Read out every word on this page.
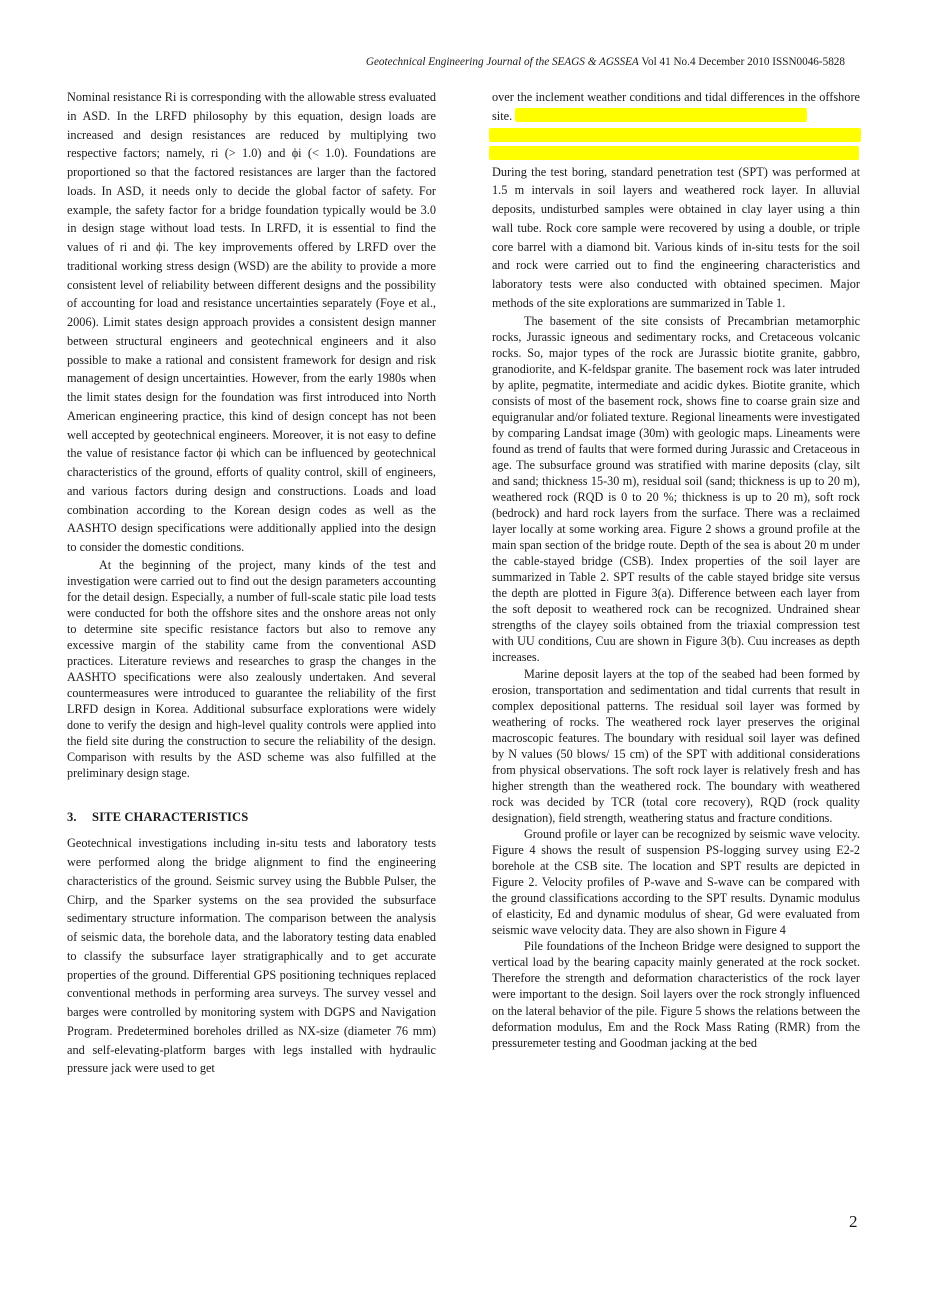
Geotechnical Engineering Journal of the SEAGS & AGSSEA Vol 41 No.4 December 2010 ISSN0046-5828

Nominal resistance Ri is corresponding with the allowable stress evaluated in ASD. In the LRFD philosophy by this equation, design loads are increased and design resistances are reduced by multiplying two respective factors; namely, ri (> 1.0) and ϕi (< 1.0). Foundations are proportioned so that the factored resistances are larger than the factored loads. In ASD, it needs only to decide the global factor of safety. For example, the safety factor for a bridge foundation typically would be 3.0 in design stage without load tests. In LRFD, it is essential to find the values of ri and ϕi. The key improvements offered by LRFD over the traditional working stress design (WSD) are the ability to provide a more consistent level of reliability between different designs and the possibility of accounting for load and resistance uncertainties separately (Foye et al., 2006). Limit states design approach provides a consistent design manner between structural engineers and geotechnical engineers and it also possible to make a rational and consistent framework for design and risk management of design uncertainties. However, from the early 1980s when the limit states design for the foundation was first introduced into North American engineering practice, this kind of design concept has not been well accepted by geotechnical engineers. Moreover, it is not easy to define the value of resistance factor ϕi which can be influenced by geotechnical characteristics of the ground, efforts of quality control, skill of engineers, and various factors during design and constructions. Loads and load combination according to the Korean design codes as well as the AASHTO design specifications were additionally applied into the design to consider the domestic conditions.

At the beginning of the project, many kinds of the test and investigation were carried out to find out the design parameters accounting for the detail design. Especially, a number of full-scale static pile load tests were conducted for both the offshore sites and the onshore areas not only to determine site specific resistance factors but also to remove any excessive margin of the stability came from the conventional ASD practices. Literature reviews and researches to grasp the changes in the AASHTO specifications were also zealously undertaken. And several countermeasures were introduced to guarantee the reliability of the first LRFD design in Korea. Additional subsurface explorations were widely done to verify the design and high-level quality controls were applied into the field site during the construction to secure the reliability of the design. Comparison with results by the ASD scheme was also fulfilled at the preliminary design stage.

3. SITE CHARACTERISTICS

Geotechnical investigations including in-situ tests and laboratory tests were performed along the bridge alignment to find the engineering characteristics of the ground. Seismic survey using the Bubble Pulser, the Chirp, and the Sparker systems on the sea provided the subsurface sedimentary structure information. The comparison between the analysis of seismic data, the borehole data, and the laboratory testing data enabled to classify the subsurface layer stratigraphically and to get accurate properties of the ground. Differential GPS positioning techniques replaced conventional methods in performing area surveys. The survey vessel and barges were controlled by monitoring system with DGPS and Navigation Program. Predetermined boreholes drilled as NX-size (diameter 76 mm) and self-elevating-platform barges with legs installed with hydraulic pressure jack were used to get

over the inclement weather conditions and tidal differences in the offshore site.

During the test boring, standard penetration test (SPT) was performed at 1.5 m intervals in soil layers and weathered rock layer. In alluvial deposits, undisturbed samples were obtained in clay layer using a thin wall tube. Rock core sample were recovered by using a double, or triple core barrel with a diamond bit. Various kinds of in-situ tests for the soil and rock were carried out to find the engineering characteristics and laboratory tests were also conducted with obtained specimen. Major methods of the site explorations are summarized in Table 1.

The basement of the site consists of Precambrian metamorphic rocks, Jurassic igneous and sedimentary rocks, and Cretaceous volcanic rocks. So, major types of the rock are Jurassic biotite granite, gabbro, granodiorite, and K-feldspar granite. The basement rock was later intruded by aplite, pegmatite, intermediate and acidic dykes. Biotite granite, which consists of most of the basement rock, shows fine to coarse grain size and equigranular and/or foliated texture. Regional lineaments were investigated by comparing Landsat image (30m) with geologic maps. Lineaments were found as trend of faults that were formed during Jurassic and Cretaceous in age. The subsurface ground was stratified with marine deposits (clay, silt and sand; thickness 15-30 m), residual soil (sand; thickness is up to 20 m), weathered rock (RQD is 0 to 20 %; thickness is up to 20 m), soft rock (bedrock) and hard rock layers from the surface. There was a reclaimed layer locally at some working area. Figure 2 shows a ground profile at the main span section of the bridge route. Depth of the sea is about 20 m under the cable-stayed bridge (CSB). Index properties of the soil layer are summarized in Table 2. SPT results of the cable stayed bridge site versus the depth are plotted in Figure 3(a). Difference between each layer from the soft deposit to weathered rock can be recognized. Undrained shear strengths of the clayey soils obtained from the triaxial compression test with UU conditions, Cuu are shown in Figure 3(b). Cuu increases as depth increases.

Marine deposit layers at the top of the seabed had been formed by erosion, transportation and sedimentation and tidal currents that result in complex depositional patterns. The residual soil layer was formed by weathering of rocks. The weathered rock layer preserves the original macroscopic features. The boundary with residual soil layer was defined by N values (50 blows/ 15 cm) of the SPT with additional considerations from physical observations. The soft rock layer is relatively fresh and has higher strength than the weathered rock. The boundary with weathered rock was decided by TCR (total core recovery), RQD (rock quality designation), field strength, weathering status and fracture conditions.

Ground profile or layer can be recognized by seismic wave velocity. Figure 4 shows the result of suspension PS-logging survey using E2-2 borehole at the CSB site. The location and SPT results are depicted in Figure 2. Velocity profiles of P-wave and S-wave can be compared with the ground classifications according to the SPT results. Dynamic modulus of elasticity, Ed and dynamic modulus of shear, Gd were evaluated from seismic wave velocity data. They are also shown in Figure 4

Pile foundations of the Incheon Bridge were designed to support the vertical load by the bearing capacity mainly generated at the rock socket. Therefore the strength and deformation characteristics of the rock layer were important to the design. Soil layers over the rock strongly influenced on the lateral behavior of the pile. Figure 5 shows the relations between the deformation modulus, Em and the Rock Mass Rating (RMR) from the pressuremeter testing and Goodman jacking at the bed

2
